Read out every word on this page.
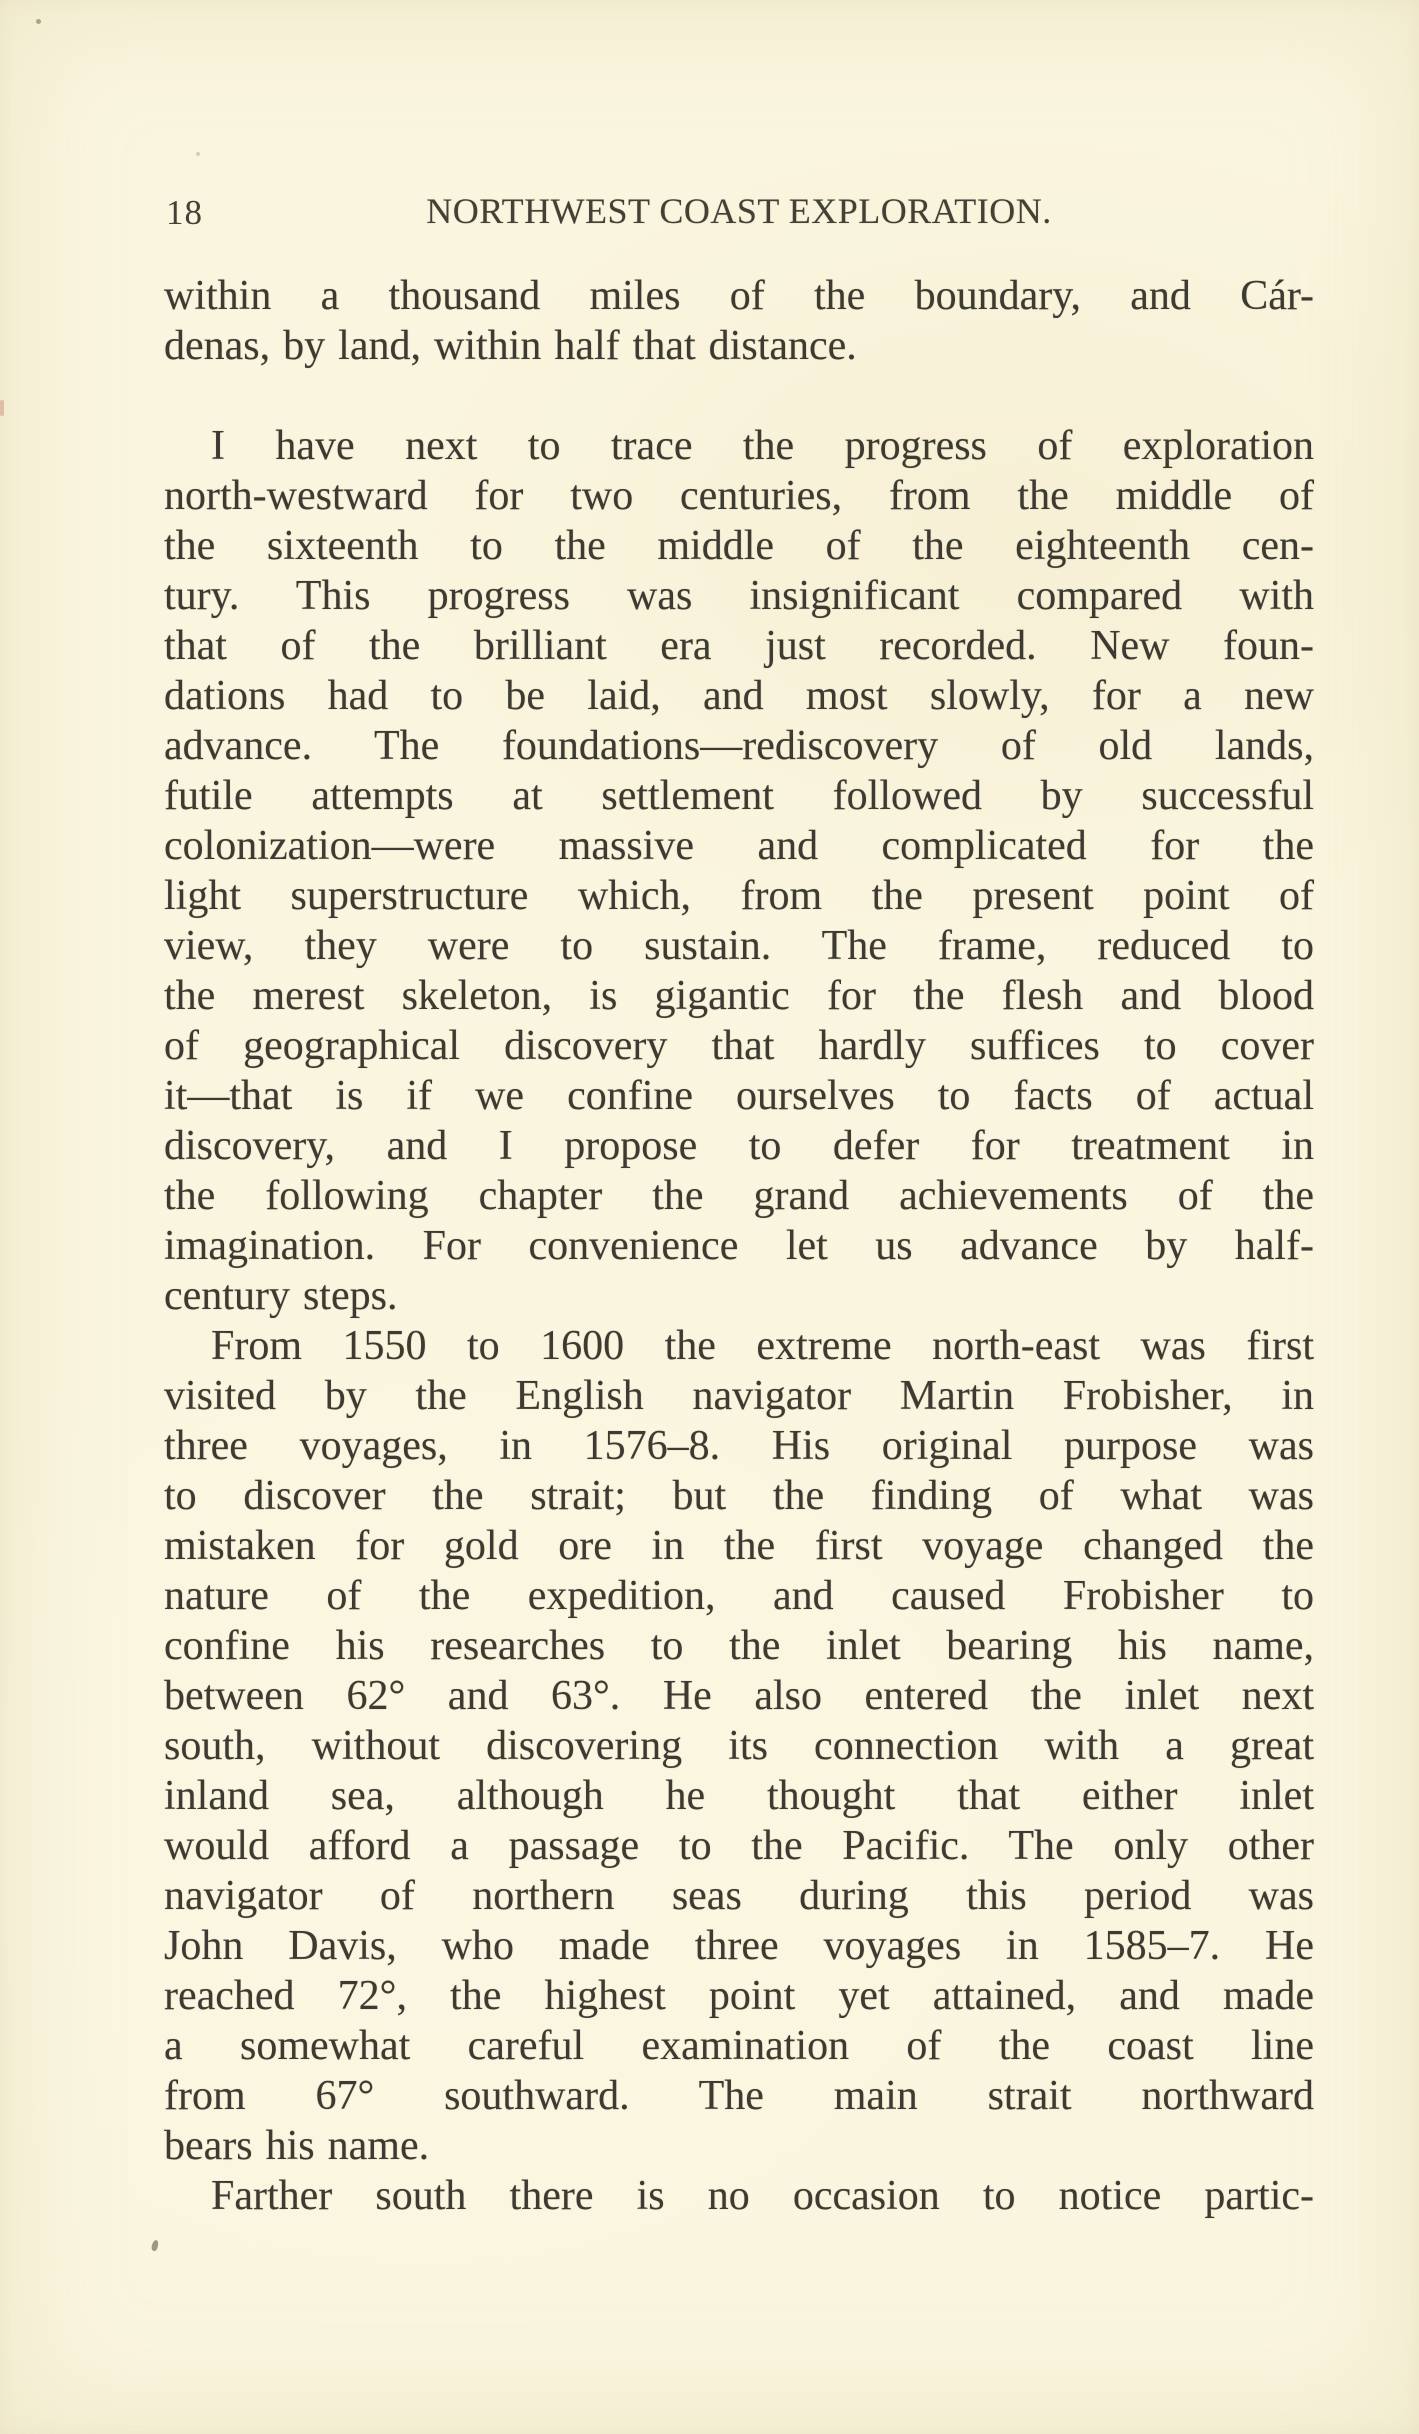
18	NORTHWEST COAST EXPLORATION.
within a thousand miles of the boundary, and Cár-
denas, by land, within half that distance.
I have next to trace the progress of exploration
north-westward for two centuries, from the middle of
the sixteenth to the middle of the eighteenth cen-
tury. This progress was insignificant compared with
that of the brilliant era just recorded. New foun-
dations had to be laid, and most slowly, for a new
advance. The foundations—rediscovery of old lands,
futile attempts at settlement followed by successful
colonization—were massive and complicated for the
light superstructure which, from the present point of
view, they were to sustain. The frame, reduced to
the merest skeleton, is gigantic for the flesh and blood
of geographical discovery that hardly suffices to cover
it—that is if we confine ourselves to facts of actual
discovery, and I propose to defer for treatment in
the following chapter the grand achievements of the
imagination. For convenience let us advance by half-
century steps.
From 1550 to 1600 the extreme north-east was first
visited by the English navigator Martin Frobisher, in
three voyages, in 1576–8. His original purpose was
to discover the strait; but the finding of what was
mistaken for gold ore in the first voyage changed the
nature of the expedition, and caused Frobisher to
confine his researches to the inlet bearing his name,
between 62° and 63°. He also entered the inlet next
south, without discovering its connection with a great
inland sea, although he thought that either inlet
would afford a passage to the Pacific. The only other
navigator of northern seas during this period was
John Davis, who made three voyages in 1585–7. He
reached 72°, the highest point yet attained, and made
a somewhat careful examination of the coast line
from 67° southward. The main strait northward
bears his name.
Farther south there is no occasion to notice partic-
